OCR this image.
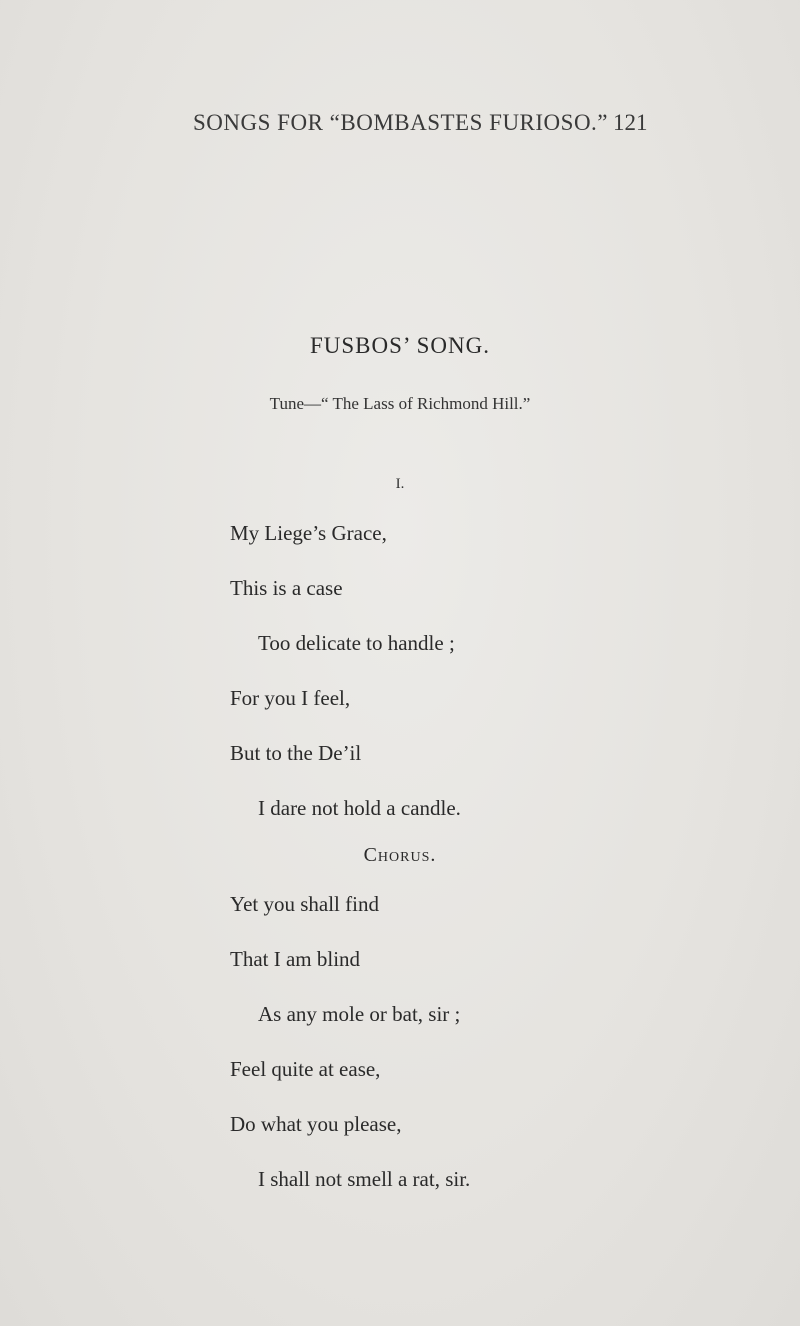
SONGS FOR “BOMBASTES FURIOSO.” 121
FUSBOS’ SONG.
Tune—“ The Lass of Richmond Hill.”
I.
My Liege’s Grace,
This is a case
Too delicate to handle ;
For you I feel,
But to the De’il
I dare not hold a candle.
Chorus.
Yet you shall find
That I am blind
As any mole or bat, sir ;
Feel quite at ease,
Do what you please,
I shall not smell a rat, sir.
